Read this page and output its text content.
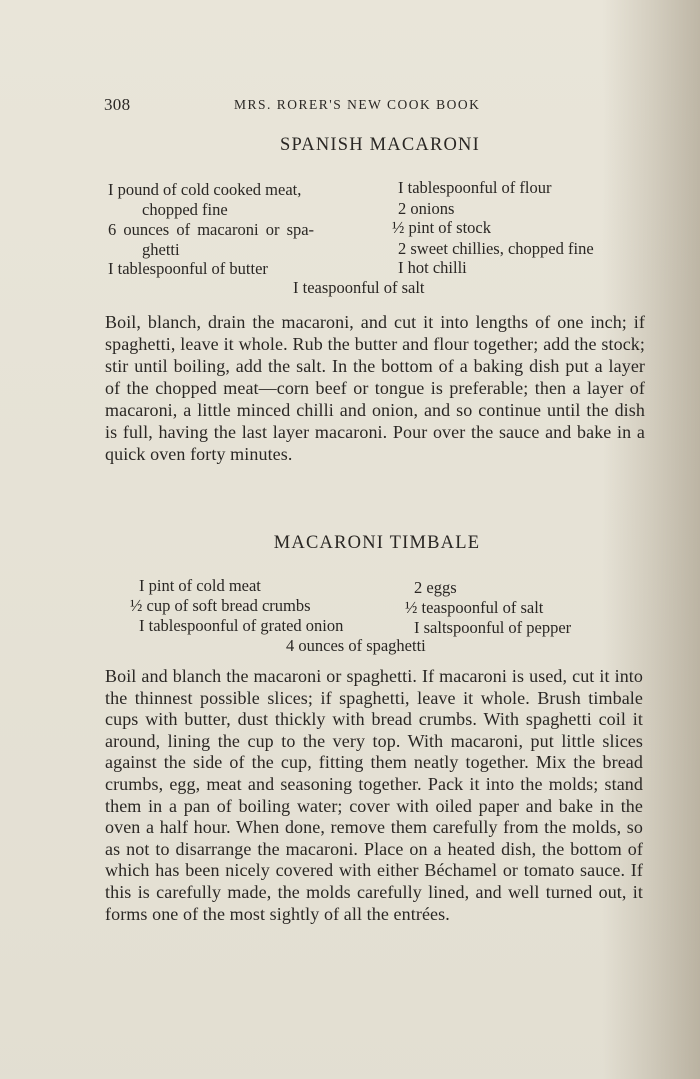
308	MRS. RORER'S NEW COOK BOOK
SPANISH MACARONI
I pound of cold cooked meat,
chopped fine
6 ounces of macaroni or spa-
ghetti
I tablespoonful of butter
I tablespoonful of flour
2 onions
½ pint of stock
2 sweet chillies, chopped fine
I hot chilli
I teaspoonful of salt

Boil, blanch, drain the macaroni, and cut it into lengths of one inch; if spaghetti, leave it whole. Rub the butter and flour together; add the stock; stir until boiling, add the salt. In the bottom of a baking dish put a layer of the chopped meat—corn beef or tongue is preferable; then a layer of macaroni, a little minced chilli and onion, and so continue until the dish is full, having the last layer macaroni. Pour over the sauce and bake in a quick oven forty minutes.

MACARONI TIMBALE
I pint of cold meat
½ cup of soft bread crumbs
I tablespoonful of grated onion
2 eggs
½ teaspoonful of salt
I saltspoonful of pepper
4 ounces of spaghetti

Boil and blanch the macaroni or spaghetti. If macaroni is used, cut it into the thinnest possible slices; if spaghetti, leave it whole. Brush timbale cups with butter, dust thickly with bread crumbs. With spaghetti coil it around, lining the cup to the very top. With macaroni, put little slices against the side of the cup, fitting them neatly together. Mix the bread crumbs, egg, meat and seasoning together. Pack it into the molds; stand them in a pan of boiling water; cover with oiled paper and bake in the oven a half hour. When done, remove them carefully from the molds, so as not to disarrange the macaroni. Place on a heated dish, the bottom of which has been nicely covered with either Béchamel or tomato sauce. If this is carefully made, the molds carefully lined, and well turned out, it forms one of the most sightly of all the entrées.
